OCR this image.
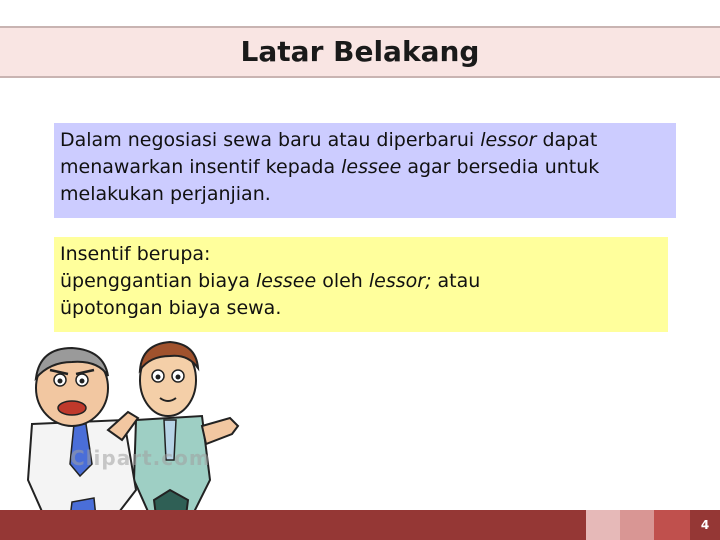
Latar Belakang
Dalam negosiasi sewa baru atau diperbarui lessor dapat
menawarkan insentif kepada lessee agar bersedia untuk
melakukan perjanjian.
Insentif berupa:
üpenggantian biaya lessee oleh lessor; atau
üpotongan biaya sewa.
Clipart.com
4
